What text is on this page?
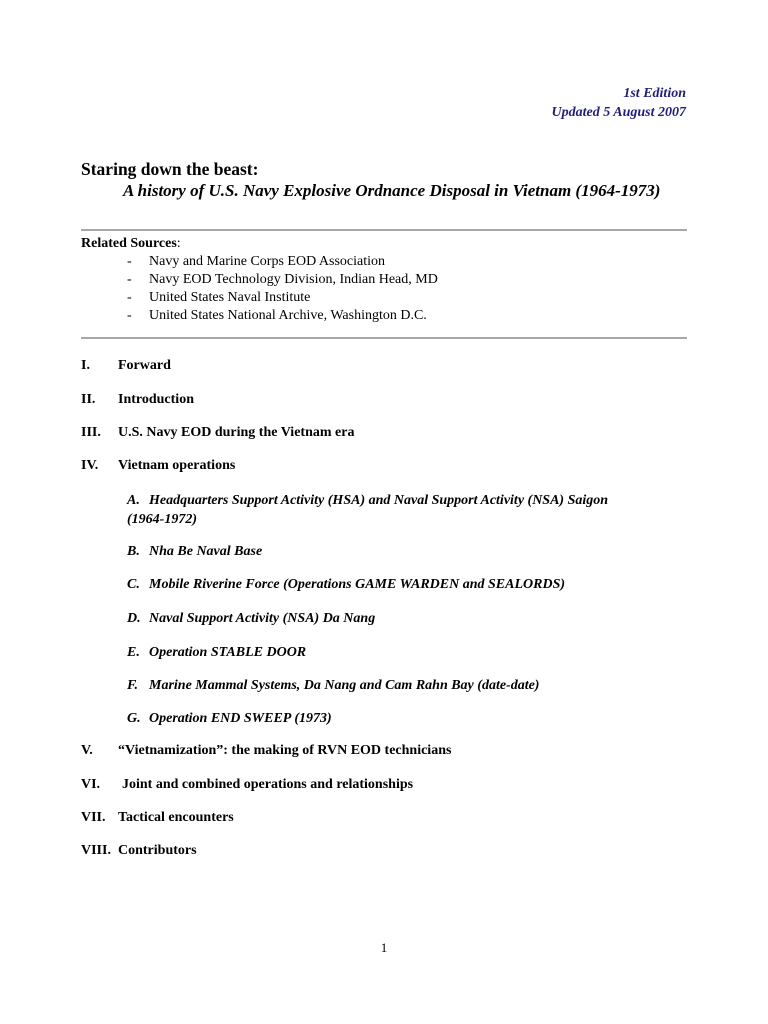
1st Edition
Updated 5 August 2007
Staring down the beast:
A history of U.S. Navy Explosive Ordnance Disposal in Vietnam (1964-1973)
Related Sources:
- Navy and Marine Corps EOD Association
- Navy EOD Technology Division, Indian Head, MD
- United States Naval Institute
- United States National Archive, Washington D.C.
I. Forward
II. Introduction
III. U.S. Navy EOD during the Vietnam era
IV. Vietnam operations
A. Headquarters Support Activity (HSA) and Naval Support Activity (NSA) Saigon
(1964-1972)
B. Nha Be Naval Base
C. Mobile Riverine Force (Operations GAME WARDEN and SEALORDS)
D. Naval Support Activity (NSA) Da Nang
E. Operation STABLE DOOR
F. Marine Mammal Systems, Da Nang and Cam Rahn Bay (date-date)
G. Operation END SWEEP (1973)
V. “Vietnamization”: the making of RVN EOD technicians
VI. Joint and combined operations and relationships
VII. Tactical encounters
VIII. Contributors
1
